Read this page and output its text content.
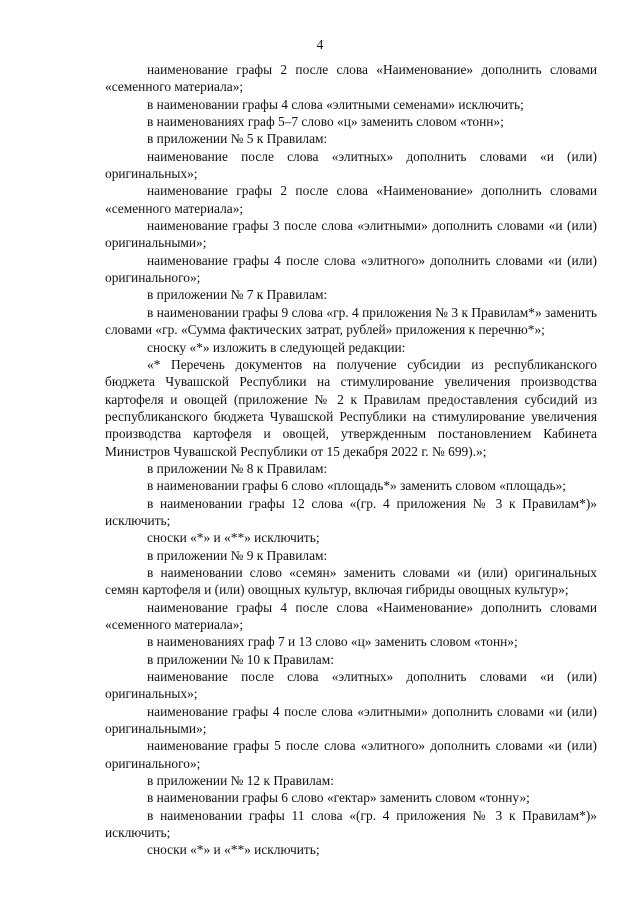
4

наименование графы 2 после слова «Наименование» дополнить словами «семенного материала»;

в наименовании графы 4 слова «элитными семенами» исключить;

в наименованиях граф 5–7 слово «ц» заменить словом «тонн»;

в приложении № 5 к Правилам:

наименование после слова «элитных» дополнить словами «и (или) оригинальных»;

наименование графы 2 после слова «Наименование» дополнить словами «семенного материала»;

наименование графы 3 после слова «элитными» дополнить словами «и (или) оригинальными»;

наименование графы 4 после слова «элитного» дополнить словами «и (или) оригинального»;

в приложении № 7 к Правилам:

в наименовании графы 9 слова «гр. 4 приложения № 3 к Правилам*» заменить словами «гр. «Сумма фактических затрат, рублей» приложения к перечню*»;

сноску «*» изложить в следующей редакции:

«* Перечень документов на получение субсидии из республиканского бюджета Чувашской Республики на стимулирование увеличения производства картофеля и овощей (приложение № 2 к Правилам предоставления субсидий из республиканского бюджета Чувашской Республики на стимулирование увеличения производства картофеля и овощей, утвержденным постановлением Кабинета Министров Чувашской Республики от 15 декабря 2022 г. № 699).»;

в приложении № 8 к Правилам:

в наименовании графы 6 слово «площадь*» заменить словом «площадь»;

в наименовании графы 12 слова «(гр. 4 приложения № 3 к Правилам*)» исключить;

сноски «*» и «**» исключить;

в приложении № 9 к Правилам:

в наименовании слово «семян» заменить словами «и (или) оригинальных семян картофеля и (или) овощных культур, включая гибриды овощных культур»;

наименование графы 4 после слова «Наименование» дополнить словами «семенного материала»;

в наименованиях граф 7 и 13 слово «ц» заменить словом «тонн»;

в приложении № 10 к Правилам:

наименование после слова «элитных» дополнить словами «и (или) оригинальных»;

наименование графы 4 после слова «элитными» дополнить словами «и (или) оригинальными»;

наименование графы 5 после слова «элитного» дополнить словами «и (или) оригинального»;

в приложении № 12 к Правилам:

в наименовании графы 6 слово «гектар» заменить словом «тонну»;

в наименовании графы 11 слова «(гр. 4 приложения № 3 к Правилам*)» исключить;

сноски «*» и «**» исключить;
